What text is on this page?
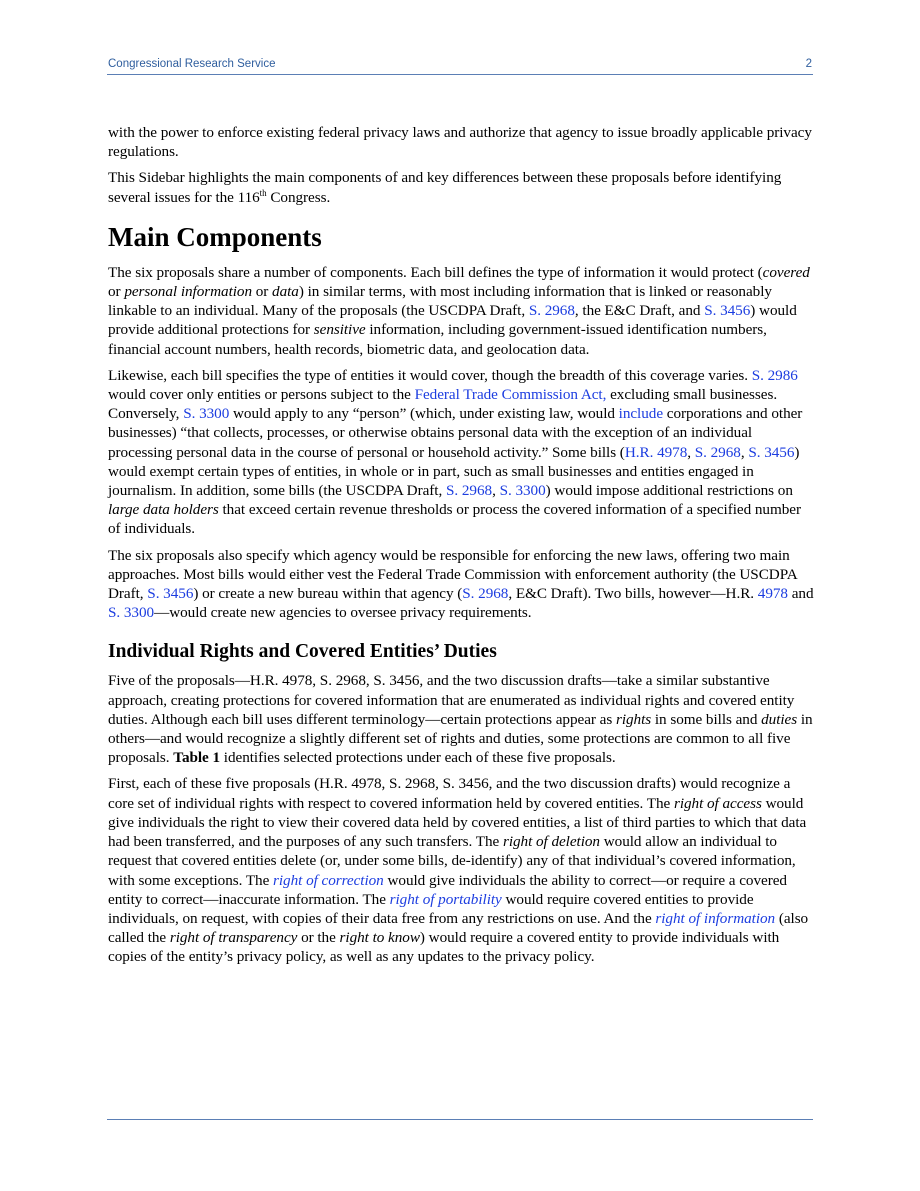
Congressional Research Service	2

with the power to enforce existing federal privacy laws and authorize that agency to issue broadly applicable privacy regulations.

This Sidebar highlights the main components of and key differences between these proposals before identifying several issues for the 116th Congress.

Main Components

The six proposals share a number of components. Each bill defines the type of information it would protect (covered or personal information or data) in similar terms, with most including information that is linked or reasonably linkable to an individual. Many of the proposals (the USCDPA Draft, S. 2968, the E&C Draft, and S. 3456) would provide additional protections for sensitive information, including government-issued identification numbers, financial account numbers, health records, biometric data, and geolocation data.

Likewise, each bill specifies the type of entities it would cover, though the breadth of this coverage varies. S. 2986 would cover only entities or persons subject to the Federal Trade Commission Act, excluding small businesses. Conversely, S. 3300 would apply to any “person” (which, under existing law, would include corporations and other businesses) “that collects, processes, or otherwise obtains personal data with the exception of an individual processing personal data in the course of personal or household activity.” Some bills (H.R. 4978, S. 2968, S. 3456) would exempt certain types of entities, in whole or in part, such as small businesses and entities engaged in journalism. In addition, some bills (the USCDPA Draft, S. 2968, S. 3300) would impose additional restrictions on large data holders that exceed certain revenue thresholds or process the covered information of a specified number of individuals.

The six proposals also specify which agency would be responsible for enforcing the new laws, offering two main approaches. Most bills would either vest the Federal Trade Commission with enforcement authority (the USCDPA Draft, S. 3456) or create a new bureau within that agency (S. 2968, E&C Draft). Two bills, however—H.R. 4978 and S. 3300—would create new agencies to oversee privacy requirements.

Individual Rights and Covered Entities’ Duties

Five of the proposals—H.R. 4978, S. 2968, S. 3456, and the two discussion drafts—take a similar substantive approach, creating protections for covered information that are enumerated as individual rights and covered entity duties. Although each bill uses different terminology—certain protections appear as rights in some bills and duties in others—and would recognize a slightly different set of rights and duties, some protections are common to all five proposals. Table 1 identifies selected protections under each of these five proposals.

First, each of these five proposals (H.R. 4978, S. 2968, S. 3456, and the two discussion drafts) would recognize a core set of individual rights with respect to covered information held by covered entities. The right of access would give individuals the right to view their covered data held by covered entities, a list of third parties to which that data had been transferred, and the purposes of any such transfers. The right of deletion would allow an individual to request that covered entities delete (or, under some bills, de-identify) any of that individual’s covered information, with some exceptions. The right of correction would give individuals the ability to correct—or require a covered entity to correct—inaccurate information. The right of portability would require covered entities to provide individuals, on request, with copies of their data free from any restrictions on use. And the right of information (also called the right of transparency or the right to know) would require a covered entity to provide individuals with copies of the entity’s privacy policy, as well as any updates to the privacy policy.
